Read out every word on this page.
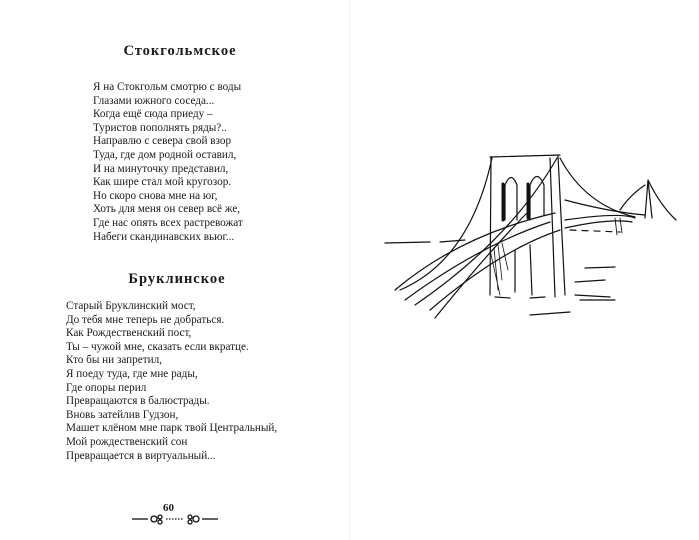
Стокгольмское
Я на Стокгольм смотрю с воды
Глазами южного соседа...
Когда ещё сюда приеду –
Туристов пополнять ряды?..
Направлю с севера свой взор
Туда, где дом родной оставил,
И на минуточку представил,
Как шире стал мой кругозор.
Но скоро снова мне на юг,
Хоть для меня он север всё же,
Где нас опять всех растревожат
Набеги скандинавских вьюг...
Бруклинское
Старый Бруклинский мост,
До тебя мне теперь не добраться.
Как Рождественский пост,
Ты – чужой мне, сказать если вкратце.
Кто бы ни запретил,
Я поеду туда, где мне рады,
Где опоры перил
Превращаются в балюстрады.
Вновь затейлив Гудзон,
Машет клёном мне парк твой Центральный,
Мой рождественский сон
Превращается в виртуальный...
60
